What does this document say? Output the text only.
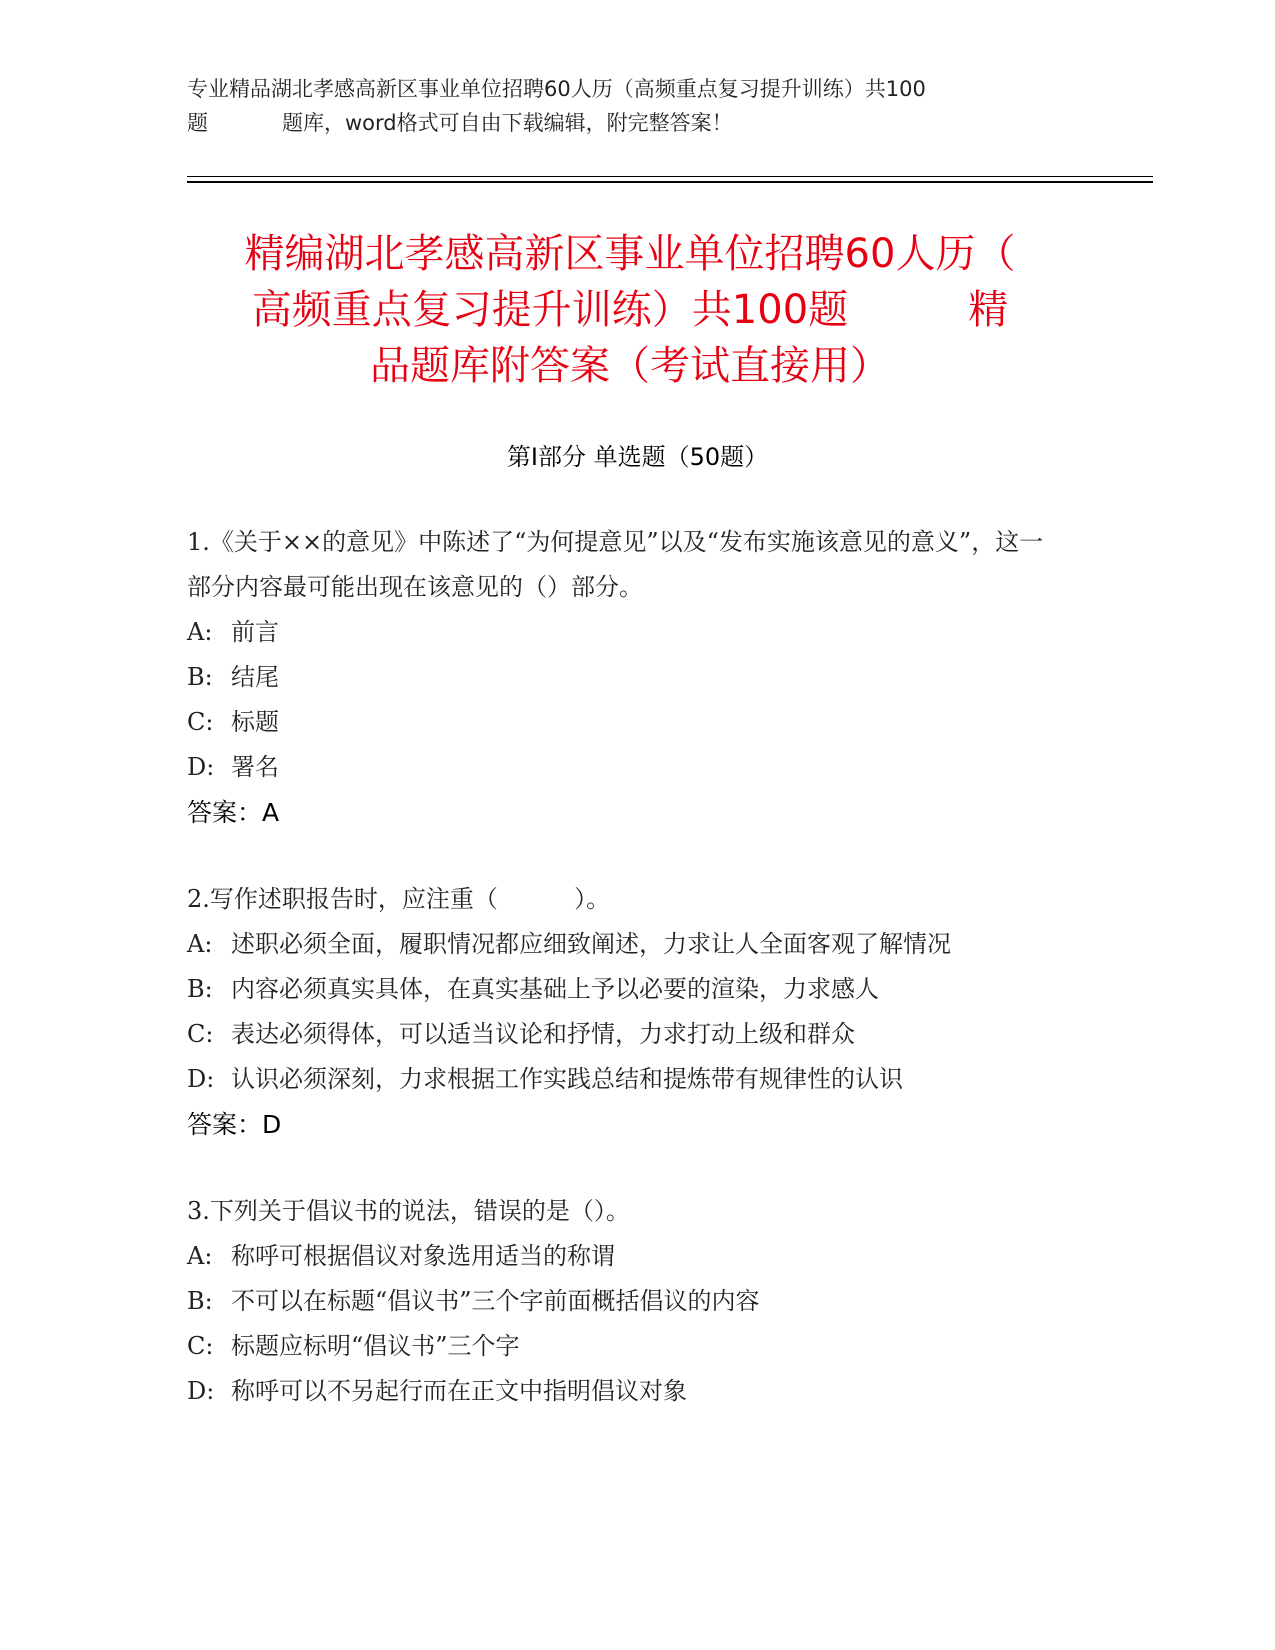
专业精品湖北孝感高新区事业单位招聘60人历（高频重点复习提升训练）共100
题	题库，word格式可自由下载编辑，附完整答案！
精编湖北孝感高新区事业单位招聘60人历（
高频重点复习提升训练）共100题	精
品题库附答案（考试直接用）
第Ⅰ部分 单选题（50题）
1.《关于××的意见》中陈述了“为何提意见”以及“发布实施该意见的意义”，这一部分内容最可能出现在该意见的（）部分。
A: 前言
B: 结尾
C: 标题
D: 署名
答案：A
2.写作述职报告时，应注重（          ）。
A: 述职必须全面，履职情况都应细致阐述，力求让人全面客观了解情况
B: 内容必须真实具体，在真实基础上予以必要的渲染，力求感人
C: 表达必须得体，可以适当议论和抒情，力求打动上级和群众
D: 认识必须深刻，力求根据工作实践总结和提炼带有规律性的认识
答案：D
3.下列关于倡议书的说法，错误的是（）。
A: 称呼可根据倡议对象选用适当的称谓
B: 不可以在标题“倡议书”三个字前面概括倡议的内容
C: 标题应标明“倡议书”三个字
D: 称呼可以不另起行而在正文中指明倡议对象
